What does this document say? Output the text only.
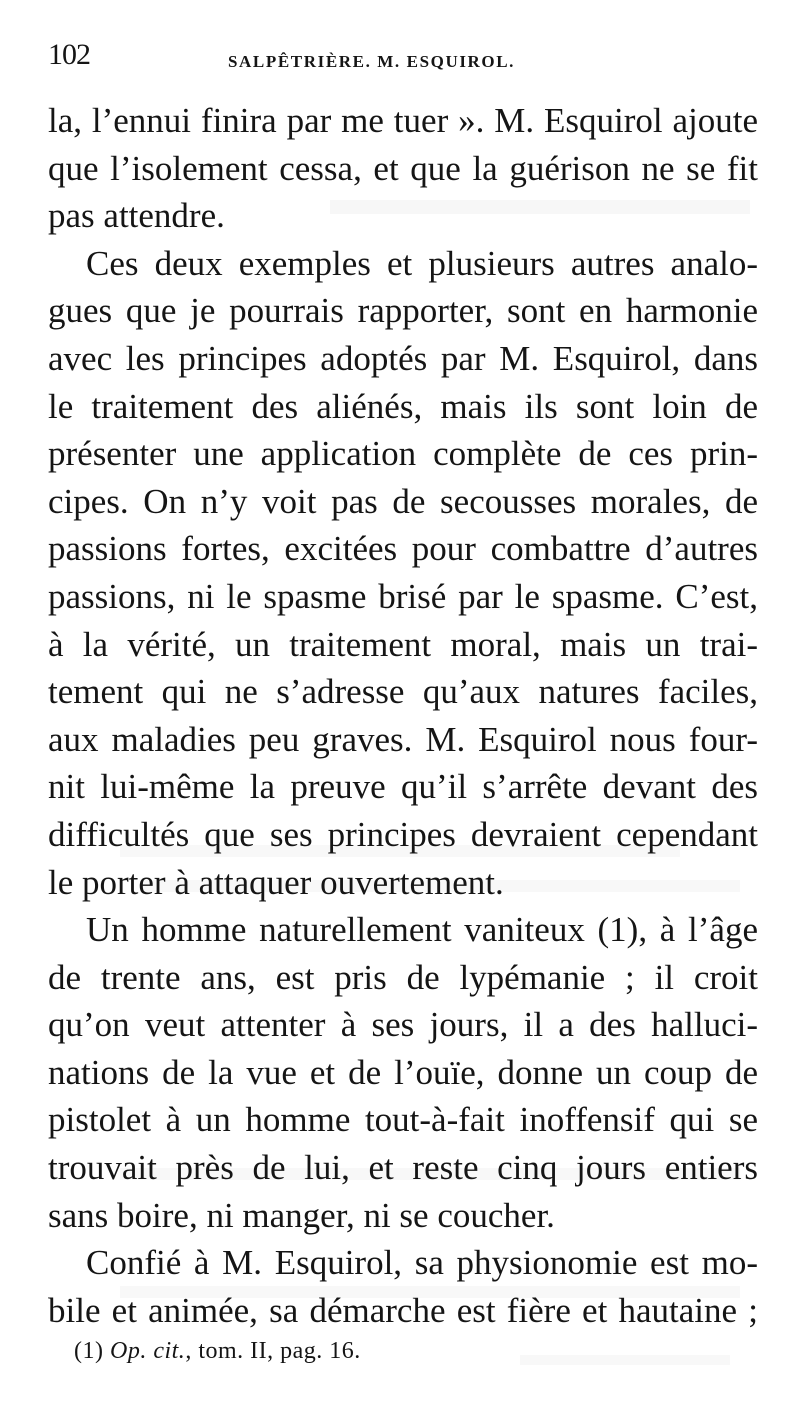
102	SALPÊTRIÈRE. M. ESQUIROL.
la, l’ennui finira par me tuer ». M. Esquirol ajoute
que l’isolement cessa, et que la guérison ne se fit
pas attendre.
Ces deux exemples et plusieurs autres analo-
gues que je pourrais rapporter, sont en harmonie
avec les principes adoptés par M. Esquirol, dans
le traitement des aliénés, mais ils sont loin de
présenter une application complète de ces prin-
cipes. On n’y voit pas de secousses morales, de
passions fortes, excitées pour combattre d’autres
passions, ni le spasme brisé par le spasme. C’est,
à la vérité, un traitement moral, mais un trai-
tement qui ne s’adresse qu’aux natures faciles,
aux maladies peu graves. M. Esquirol nous four-
nit lui-même la preuve qu’il s’arrête devant des
difficultés que ses principes devraient cependant
le porter à attaquer ouvertement.
Un homme naturellement vaniteux (1), à l’âge
de trente ans, est pris de lypémanie ; il croit
qu’on veut attenter à ses jours, il a des halluci-
nations de la vue et de l’ouïe, donne un coup de
pistolet à un homme tout-à-fait inoffensif qui se
trouvait près de lui, et reste cinq jours entiers
sans boire, ni manger, ni se coucher.
Confié à M. Esquirol, sa physionomie est mo-
bile et animée, sa démarche est fière et hautaine ;
(1) Op. cit., tom. II, pag. 16.
